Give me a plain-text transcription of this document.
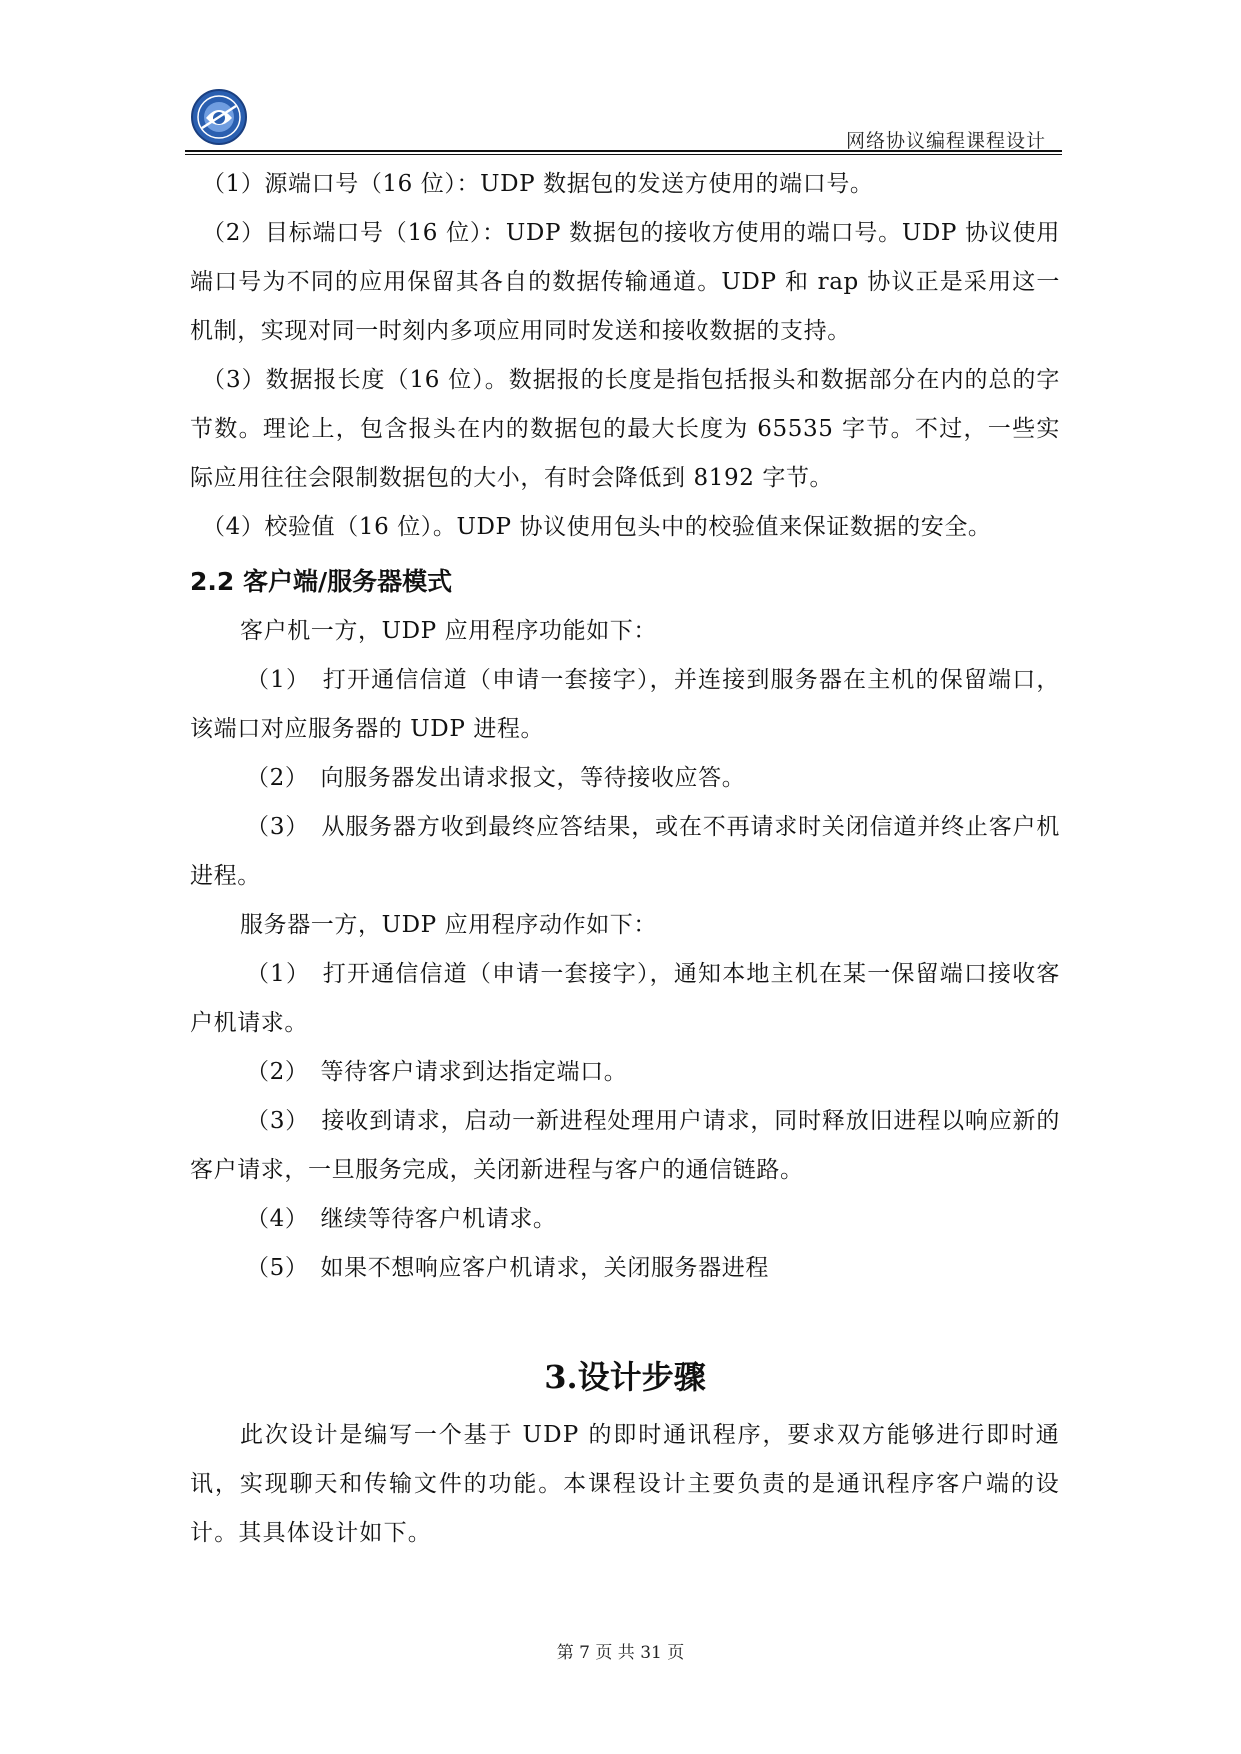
网络协议编程课程设计

（1）源端口号（16 位）：UDP 数据包的发送方使用的端口号。

（2）目标端口号（16 位）：UDP 数据包的接收方使用的端口号。UDP 协议使用端口号为不同的应用保留其各自的数据传输通道。UDP 和 rap 协议正是采用这一机制，实现对同一时刻内多项应用同时发送和接收数据的支持。

（3）数据报长度（16 位）。数据报的长度是指包括报头和数据部分在内的总的字节数。理论上，包含报头在内的数据包的最大长度为 65535 字节。不过，一些实际应用往往会限制数据包的大小，有时会降低到 8192 字节。

（4）校验值（16 位）。UDP 协议使用包头中的校验值来保证数据的安全。

2.2 客户端/服务器模式

客户机一方，UDP 应用程序功能如下：

（1）　打开通信信道（申请一套接字），并连接到服务器在主机的保留端口，该端口对应服务器的 UDP 进程。

（2）　向服务器发出请求报文，等待接收应答。

（3）　从服务器方收到最终应答结果，或在不再请求时关闭信道并终止客户机进程。

服务器一方，UDP 应用程序动作如下：

（1）　打开通信信道（申请一套接字），通知本地主机在某一保留端口接收客户机请求。

（2）　等待客户请求到达指定端口。

（3）　接收到请求，启动一新进程处理用户请求，同时释放旧进程以响应新的客户请求，一旦服务完成，关闭新进程与客户的通信链路。

（4）　继续等待客户机请求。

（5）　如果不想响应客户机请求，关闭服务器进程

3.设计步骤

此次设计是编写一个基于 UDP 的即时通讯程序，要求双方能够进行即时通讯，实现聊天和传输文件的功能。本课程设计主要负责的是通讯程序客户端的设计。其具体设计如下。

第 7 页 共 31 页
